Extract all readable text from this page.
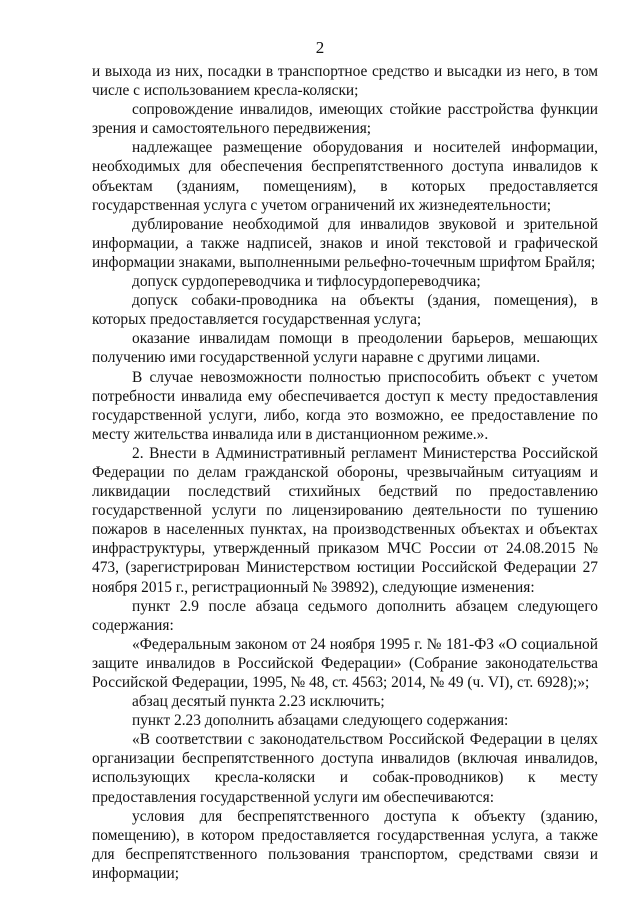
2

и выхода из них, посадки в транспортное средство и высадки из него, в том числе с использованием кресла-коляски;

сопровождение инвалидов, имеющих стойкие расстройства функции зрения и самостоятельного передвижения;

надлежащее размещение оборудования и носителей информации, необходимых для обеспечения беспрепятственного доступа инвалидов к объектам (зданиям, помещениям), в которых предоставляется государственная услуга с учетом ограничений их жизнедеятельности;

дублирование необходимой для инвалидов звуковой и зрительной информации, а также надписей, знаков и иной текстовой и графической информации знаками, выполненными рельефно-точечным шрифтом Брайля;

допуск сурдопереводчика и тифлосурдопереводчика;

допуск собаки-проводника на объекты (здания, помещения), в которых предоставляется государственная услуга;

оказание инвалидам помощи в преодолении барьеров, мешающих получению ими государственной услуги наравне с другими лицами.

В случае невозможности полностью приспособить объект с учетом потребности инвалида ему обеспечивается доступ к месту предоставления государственной услуги, либо, когда это возможно, ее предоставление по месту жительства инвалида или в дистанционном режиме.».

2. Внести в Административный регламент Министерства Российской Федерации по делам гражданской обороны, чрезвычайным ситуациям и ликвидации последствий стихийных бедствий по предоставлению государственной услуги по лицензированию деятельности по тушению пожаров в населенных пунктах, на производственных объектах и объектах инфраструктуры, утвержденный приказом МЧС России от 24.08.2015 № 473, (зарегистрирован Министерством юстиции Российской Федерации 27 ноября 2015 г., регистрационный № 39892), следующие изменения:

пункт 2.9 после абзаца седьмого дополнить абзацем следующего содержания:

«Федеральным законом от 24 ноября 1995 г. № 181-ФЗ «О социальной защите инвалидов в Российской Федерации» (Собрание законодательства Российской Федерации, 1995, № 48, ст. 4563; 2014, № 49 (ч. VI), ст. 6928);»;

абзац десятый пункта 2.23 исключить;

пункт 2.23 дополнить абзацами следующего содержания:

«В соответствии с законодательством Российской Федерации в целях организации беспрепятственного доступа инвалидов (включая инвалидов, использующих кресла-коляски и собак-проводников) к месту предоставления государственной услуги им обеспечиваются:

условия для беспрепятственного доступа к объекту (зданию, помещению), в котором предоставляется государственная услуга, а также для беспрепятственного пользования транспортом, средствами связи и информации;
